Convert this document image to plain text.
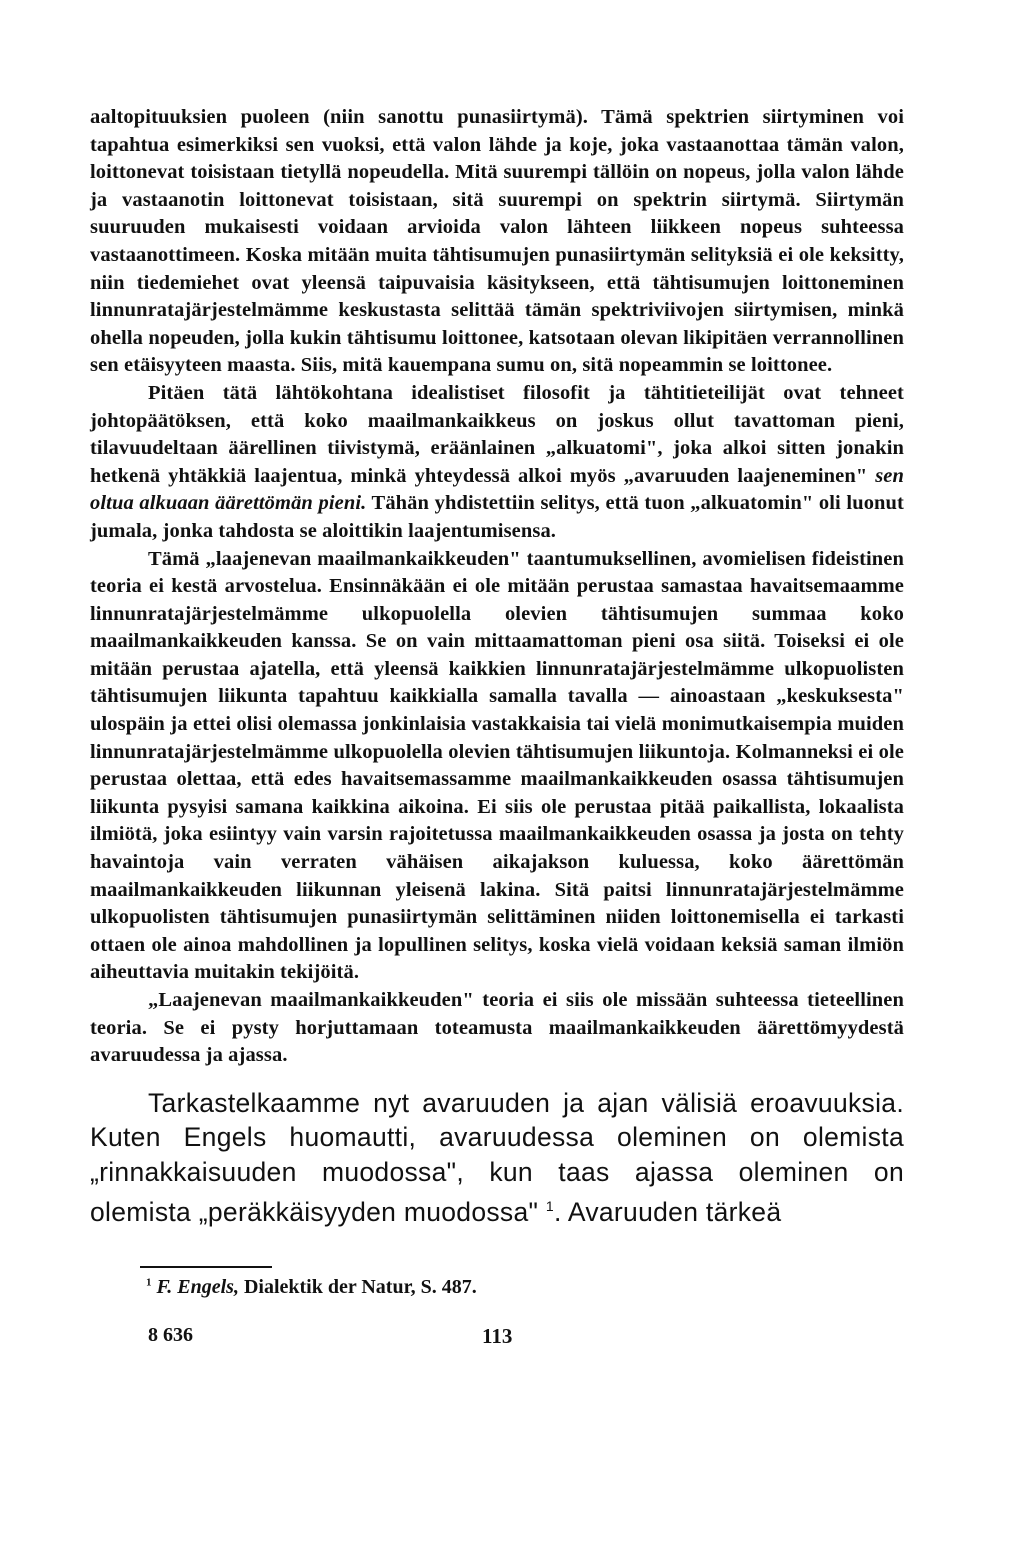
aaltopituuksien puoleen (niin sanottu punasiirtymä). Tämä spektrien siirtyminen voi tapahtua esimerkiksi sen vuoksi, että valon lähde ja koje, joka vastaanottaa tämän valon, loittonevat toisistaan tietyllä nopeudella. Mitä suurempi tällöin on nopeus, jolla valon lähde ja vastaanotin loittonevat toisistaan, sitä suurempi on spektrin siirtymä. Siirtymän suuruuden mukaisesti voidaan arvioida valon lähteen liikkeen nopeus suhteessa vastaanottimeen. Koska mitään muita tähtisumujen punasiirtymän selityksiä ei ole keksitty, niin tiedemiehet ovat yleensä taipuvaisia käsitykseen, että tähtisumujen loittoneminen linnunratajärjestelmämme keskustasta selittää tämän spektriviivojen siirtymisen, minkä ohella nopeuden, jolla kukin tähtisumu loittonee, katsotaan olevan likipitäen verrannollinen sen etäisyyteen maasta. Siis, mitä kauempana sumu on, sitä nopeammin se loittonee.

Pitäen tätä lähtökohtana idealistiset filosofit ja tähtitieteilijät ovat tehneet johtopäätöksen, että koko maailmankaikkeus on joskus ollut tavattoman pieni, tilavuudeltaan äärellinen tiivistymä, eräänlainen „alkuatomi", joka alkoi sitten jonakin hetkenä yhtäkkiä laajentua, minkä yhteydessä alkoi myös „avaruuden laajeneminen" sen oltua alkuaan äärettömän pieni. Tähän yhdistettiin selitys, että tuon „alkuatomin" oli luonut jumala, jonka tahdosta se aloittikin laajentumisensa.

Tämä „laajenevan maailmankaikkeuden" taantumuksellinen, avomielisen fideistinen teoria ei kestä arvostelua. Ensinnäkään ei ole mitään perustaa samastaa havaitsemaamme linnunratajärjestelmämme ulkopuolella olevien tähtisumujen summaa koko maailmankaikkeuden kanssa. Se on vain mittaamattoman pieni osa siitä. Toiseksi ei ole mitään perustaa ajatella, että yleensä kaikkien linnunratajärjestelmämme ulkopuolisten tähtisumujen liikunta tapahtuu kaikkialla samalla tavalla — ainoastaan „keskuksesta" ulospäin ja ettei olisi olemassa jonkinlaisia vastakkaisia tai vielä monimutkaisempia muiden linnunratajärjestelmämme ulkopuolella olevien tähtisumujen liikuntoja. Kolmanneksi ei ole perustaa olettaa, että edes havaitsemassamme maailmankaikkeuden osassa tähtisumujen liikunta pysyisi samana kaikkina aikoina. Ei siis ole perustaa pitää paikallista, lokaalista ilmiötä, joka esiintyy vain varsin rajoitetussa maailmankaikkeuden osassa ja josta on tehty havaintoja vain verraten vähäisen aikajakson kuluessa, koko äärettömän maailmankaikkeuden liikunnan yleisenä lakina. Sitä paitsi linnunratajärjestelmämme ulkopuolisten tähtisumujen punasiirtymän selittäminen niiden loittonemisella ei tarkasti ottaen ole ainoa mahdollinen ja lopullinen selitys, koska vielä voidaan keksiä saman ilmiön aiheuttavia muitakin tekijöitä.

„Laajenevan maailmankaikkeuden" teoria ei siis ole missään suhteessa tieteellinen teoria. Se ei pysty horjuttamaan toteamusta maailmankaikkeuden äärettömyydestä avaruudessa ja ajassa.

Tarkastelkaamme nyt avaruuden ja ajan välisiä eroavuuksia. Kuten Engels huomautti, avaruudessa oleminen on olemista „rinnakkaisuuden muodossa", kun taas ajassa oleminen on olemista „peräkkäisyyden muodossa" $^1$. Avaruuden tärkeä

$^1$ F. Engels, Dialektik der Natur, S. 487.
8 636	113
